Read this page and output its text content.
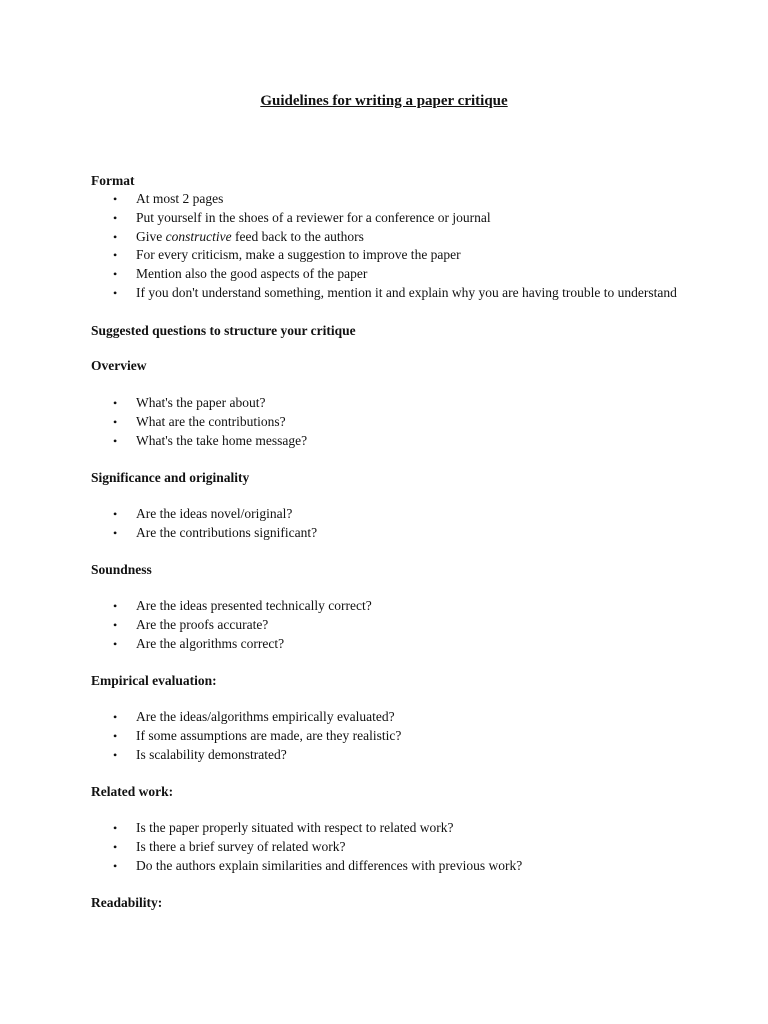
Guidelines for writing a paper critique
Format
• At most 2 pages
• Put yourself in the shoes of a reviewer for a conference or journal
• Give constructive feed back to the authors
• For every criticism, make a suggestion to improve the paper
• Mention also the good aspects of the paper
• If you don't understand something, mention it and explain why you are having trouble to understand
Suggested questions to structure your critique
Overview
• What's the paper about?
• What are the contributions?
• What's the take home message?
Significance and originality
• Are the ideas novel/original?
• Are the contributions significant?
Soundness
• Are the ideas presented technically correct?
• Are the proofs accurate?
• Are the algorithms correct?
Empirical evaluation:
• Are the ideas/algorithms empirically evaluated?
• If some assumptions are made, are they realistic?
• Is scalability demonstrated?
Related work:
• Is the paper properly situated with respect to related work?
• Is there a brief survey of related work?
• Do the authors explain similarities and differences with previous work?
Readability:
